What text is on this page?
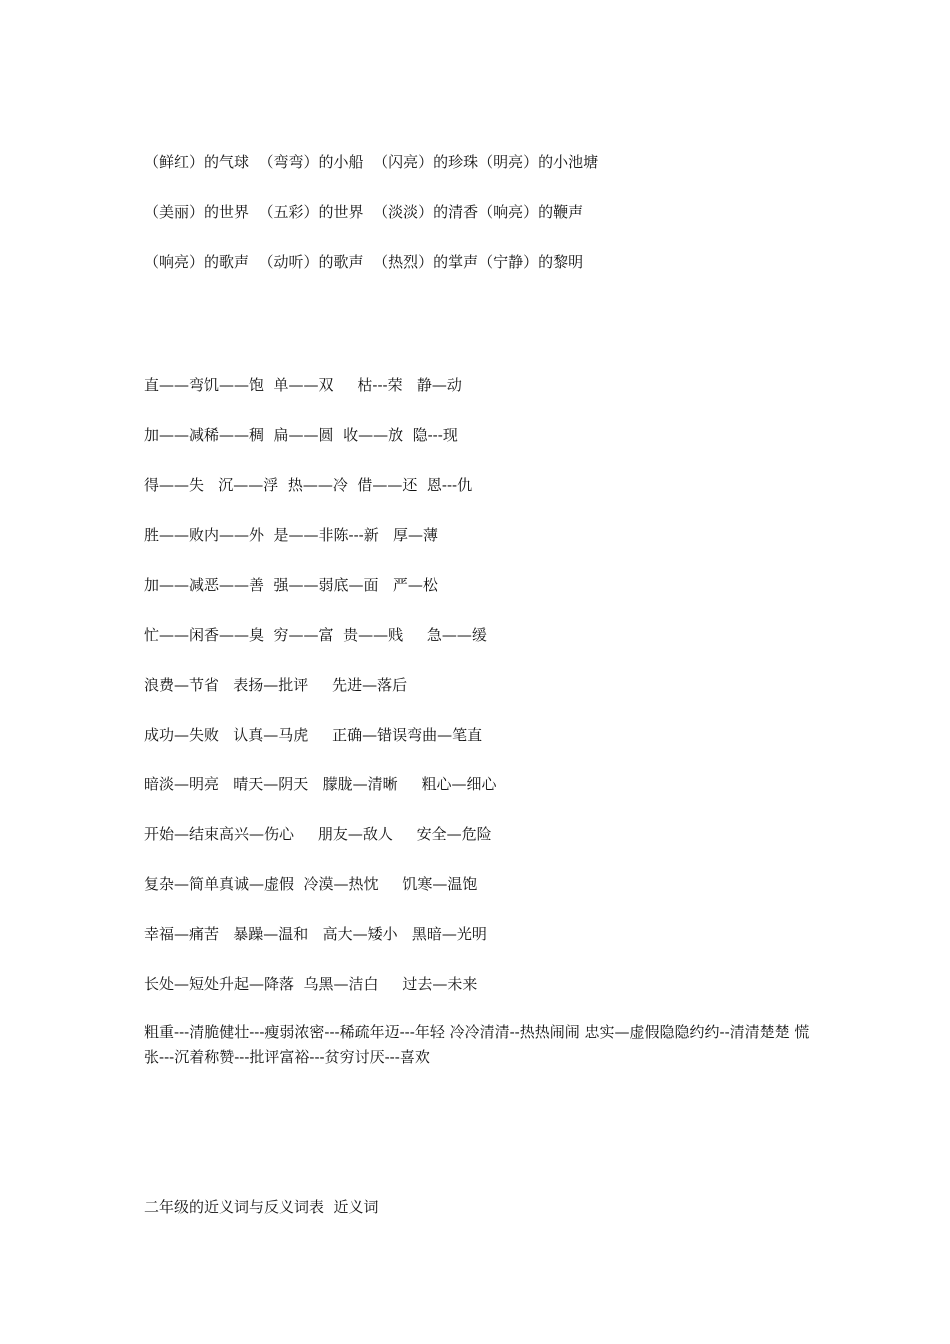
（鲜红）的气球  （弯弯）的小船  （闪亮）的珍珠（明亮）的小池塘
（美丽）的世界  （五彩）的世界  （淡淡）的清香（响亮）的鞭声
（响亮）的歌声  （动听）的歌声  （热烈）的掌声（宁静）的黎明
直——弯饥——饱  单——双     枯---荣   静—动
加——减稀——稠  扁——圆  收——放  隐---现
得——失   沉——浮  热——冷  借——还  恩---仇
胜——败内——外  是——非陈---新   厚—薄
加——减恶——善  强——弱底—面   严—松
忙——闲香——臭  穷——富  贵——贱     急——缓
浪费—节省   表扬—批评     先进—落后
成功—失败   认真—马虎     正确—错误弯曲—笔直
暗淡—明亮   晴天—阴天   朦胧—清晰     粗心—细心
开始—结束高兴—伤心     朋友—敌人     安全—危险
复杂—简单真诚—虚假  冷漠—热忱     饥寒—温饱
幸福—痛苦   暴躁—温和   高大—矮小   黑暗—光明
长处—短处升起—降落  乌黑—洁白     过去—未来
粗重---清脆健壮---瘦弱浓密---稀疏年迈---年轻 冷冷清清--热热闹闹 忠实—虚假隐隐约约--清清楚楚 慌张---沉着称赞---批评富裕---贫穷讨厌---喜欢
二年级的近义词与反义词表  近义词
